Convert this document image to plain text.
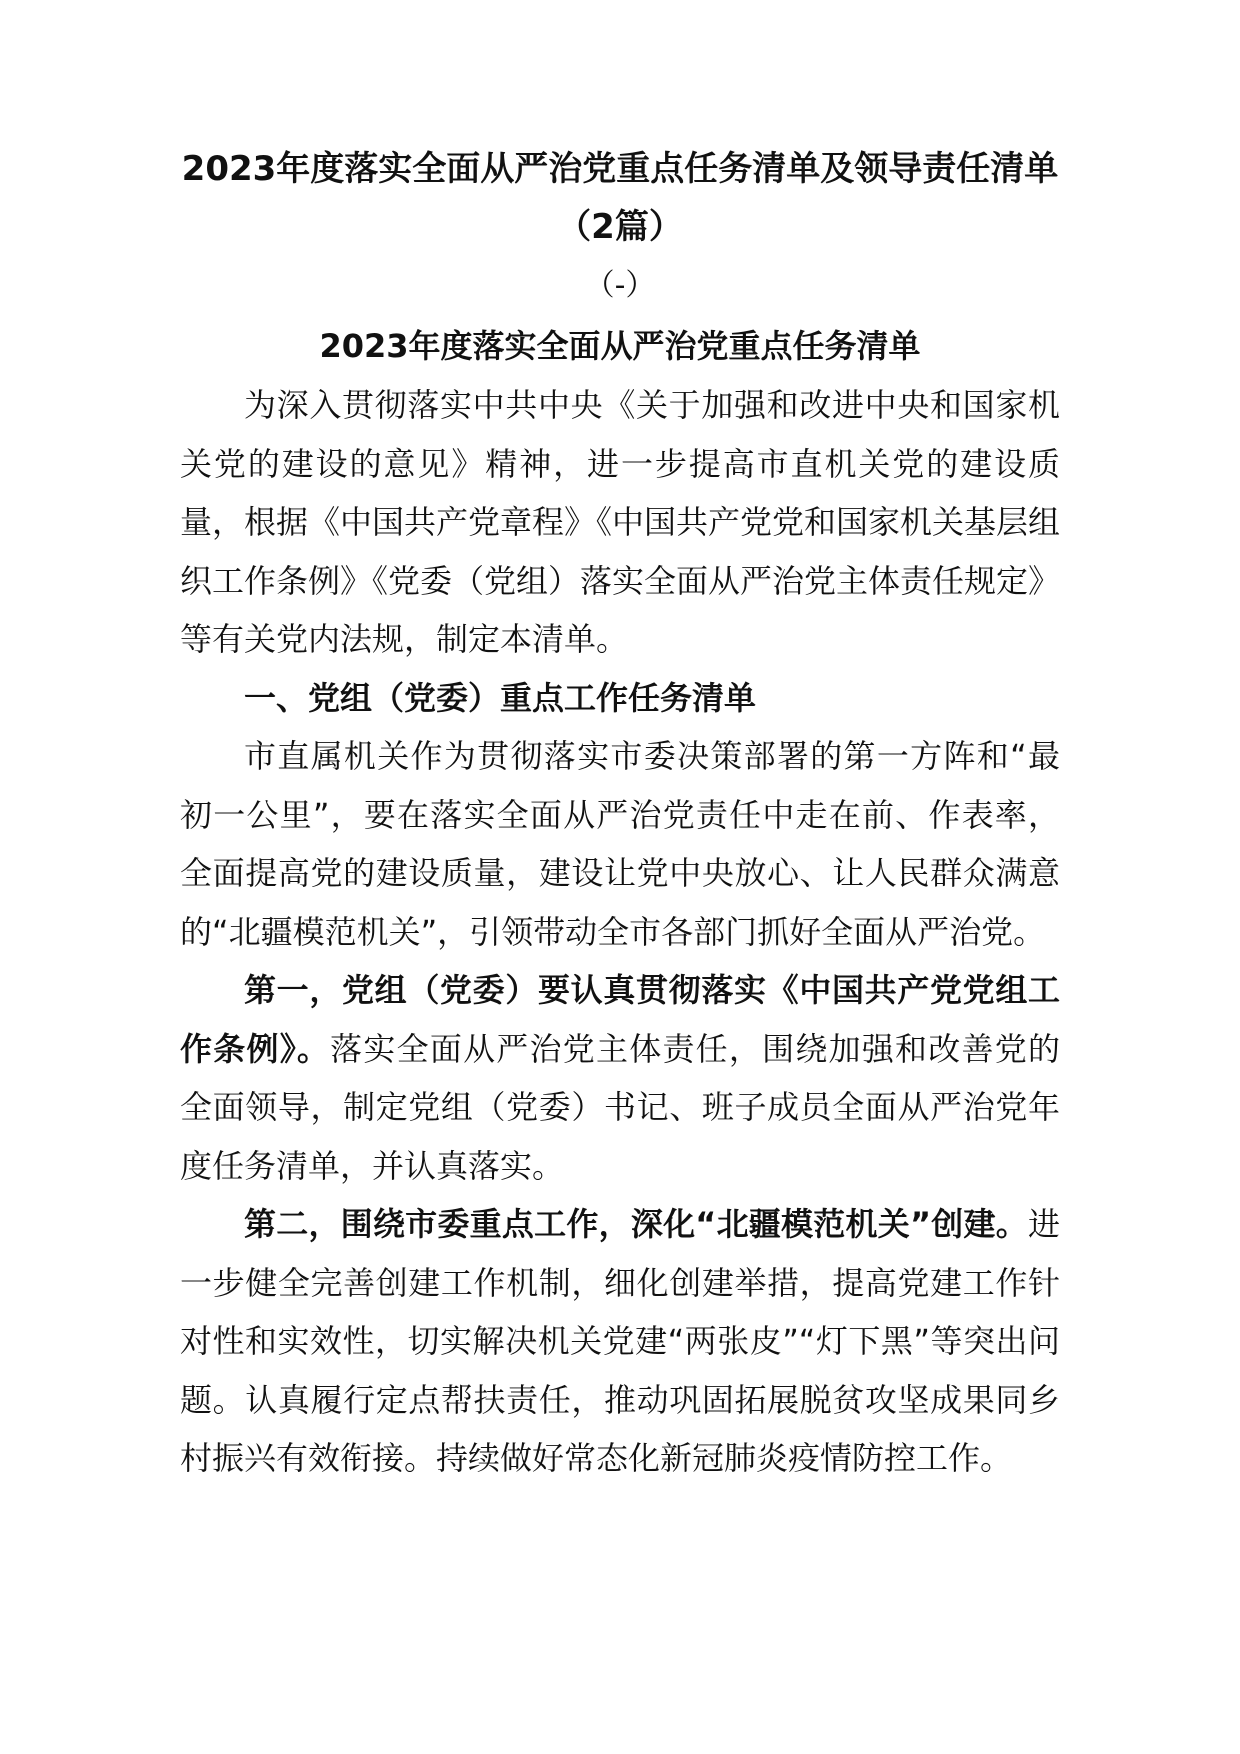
2023年度落实全面从严治党重点任务清单及领导责任清单
（2篇）
（-）
2023年度落实全面从严治党重点任务清单

为深入贯彻落实中共中央《关于加强和改进中央和国家机关党的建设的意见》精神，进一步提高市直机关党的建设质量，根据《中国共产党章程》《中国共产党党和国家机关基层组织工作条例》《党委（党组）落实全面从严治党主体责任规定》等有关党内法规，制定本清单。

一、党组（党委）重点工作任务清单

市直属机关作为贯彻落实市委决策部署的第一方阵和“最初一公里”，要在落实全面从严治党责任中走在前、作表率，全面提高党的建设质量，建设让党中央放心、让人民群众满意的“北疆模范机关”，引领带动全市各部门抓好全面从严治党。

第一，党组（党委）要认真贯彻落实《中国共产党党组工作条例》。落实全面从严治党主体责任，围绕加强和改善党的全面领导，制定党组（党委）书记、班子成员全面从严治党年度任务清单，并认真落实。

第二，围绕市委重点工作，深化“北疆模范机关”创建。进一步健全完善创建工作机制，细化创建举措，提高党建工作针对性和实效性，切实解决机关党建“两张皮”“灯下黑”等突出问题。认真履行定点帮扶责任，推动巩固拓展脱贫攻坚成果同乡村振兴有效衔接。持续做好常态化新冠肺炎疫情防控工作。
